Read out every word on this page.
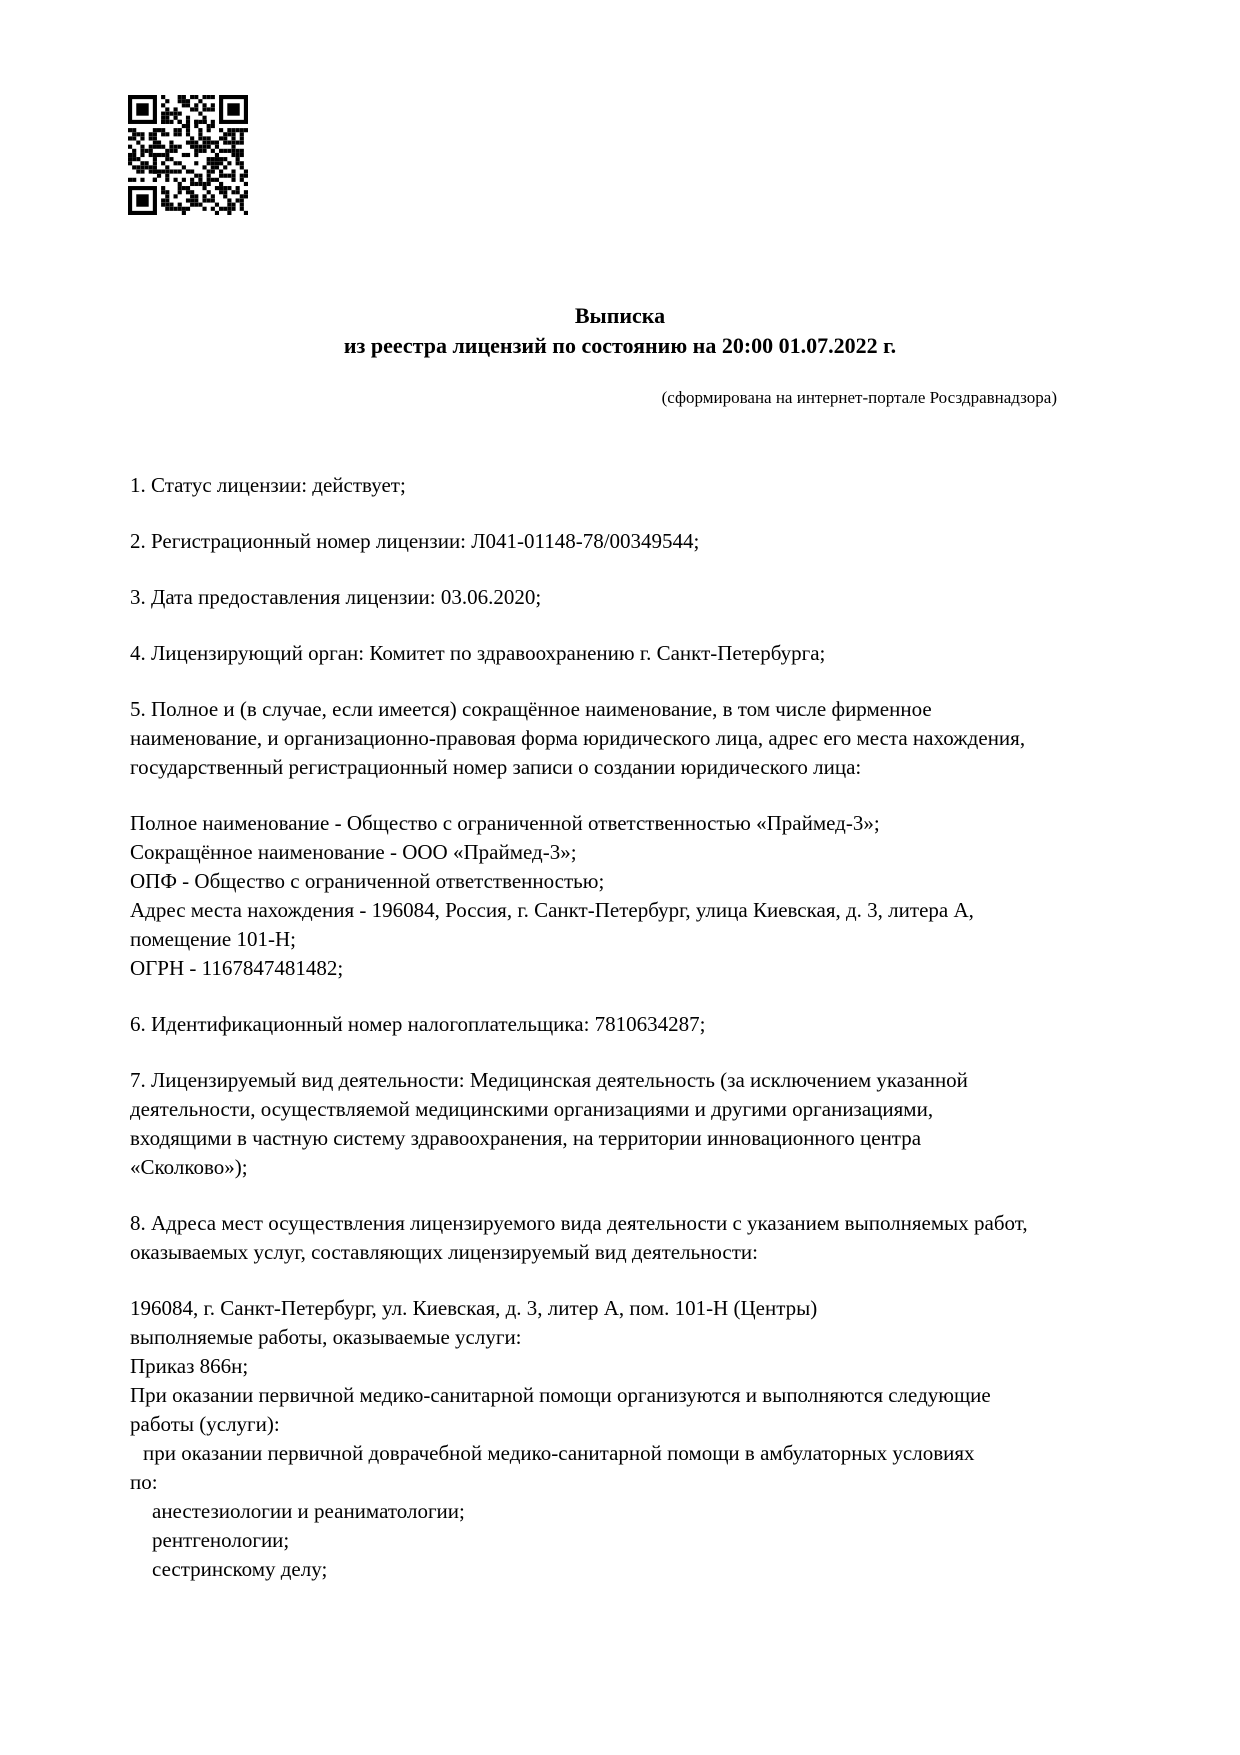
Выписка
из реестра лицензий по состоянию на 20:00 01.07.2022 г.
(сформирована на интернет-портале Росздравнадзора)

1. Статус лицензии: действует;

2. Регистрационный номер лицензии: Л041-01148-78/00349544;

3. Дата предоставления лицензии: 03.06.2020;

4. Лицензирующий орган: Комитет по здравоохранению г. Санкт-Петербурга;

5. Полное и (в случае, если имеется) сокращённое наименование, в том числе фирменное наименование, и организационно-правовая форма юридического лица, адрес его места нахождения, государственный регистрационный номер записи о создании юридического лица:

Полное наименование - Общество с ограниченной ответственностью «Праймед-3»;
Сокращённое наименование - ООО «Праймед-3»;
ОПФ - Общество с ограниченной ответственностью;
Адрес места нахождения - 196084, Россия, г. Санкт-Петербург, улица Киевская, д. 3, литера А, помещение 101-Н;
ОГРН - 1167847481482;

6. Идентификационный номер налогоплательщика: 7810634287;

7. Лицензируемый вид деятельности: Медицинская деятельность (за исключением указанной деятельности, осуществляемой медицинскими организациями и другими организациями, входящими в частную систему здравоохранения, на территории инновационного центра «Сколково»);

8. Адреса мест осуществления лицензируемого вида деятельности с указанием выполняемых работ, оказываемых услуг, составляющих лицензируемый вид деятельности:

196084, г. Санкт-Петербург, ул. Киевская, д. 3, литер А, пом. 101-Н (Центры)
выполняемые работы, оказываемые услуги:
Приказ 866н;
При оказании первичной медико-санитарной помощи организуются и выполняются следующие работы (услуги):
при оказании первичной доврачебной медико-санитарной помощи в амбулаторных условиях
по:
анестезиологии и реаниматологии;
рентгенологии;
сестринскому делу;
